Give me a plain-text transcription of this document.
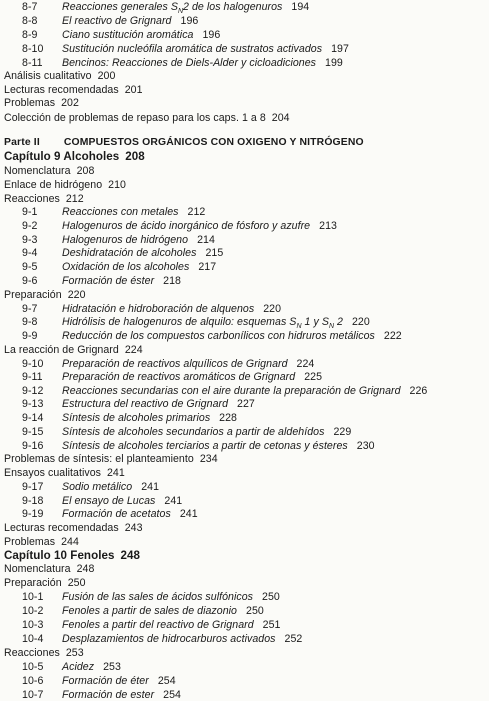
8-7 Reacciones generales $S_N2$ de los halogenuros 194
8-8 El reactivo de Grignard 196
8-9 Ciano sustitución aromática 196
8-10 Sustitución nucleófila aromática de sustratos activados 197
8-11 Bencinos: Reacciones de Diels-Alder y cicloadiciones 199
Análisis cualitativo 200
Lecturas recomendadas 201
Problemas 202
Colección de problemas de repaso para los caps. 1 a 8 204
Parte II COMPUESTOS ORGÁNICOS CON OXIGENO Y NITRÓGENO
Capítulo 9 Alcoholes 208
Nomenclatura 208
Enlace de hidrógeno 210
Reacciones 212
9-1 Reacciones con metales 212
9-2 Halogenuros de ácido inorgánico de fósforo y azufre 213
9-3 Halogenuros de hidrógeno 214
9-4 Deshidratación de alcoholes 215
9-5 Oxidación de los alcoholes 217
9-6 Formación de éster 218
Preparación 220
9-7 Hidratación e hidroboración de alquenos 220
9-8 Hidrólisis de halogenuros de alquilo: esquemas $S_N$ 1 y $S_N$ 2 220
9-9 Reducción de los compuestos carbonílicos con hidruros metálicos 222
La reacción de Grignard 224
9-10 Preparación de reactivos alquílicos de Grignard 224
9-11 Preparación de reactivos aromáticos de Grignard 225
9-12 Reacciones secundarias con el aire durante la preparación de Grignard 226
9-13 Estructura del reactivo de Grignard 227
9-14 Síntesis de alcoholes primarios 228
9-15 Síntesis de alcoholes secundarios a partir de aldehídos 229
9-16 Síntesis de alcoholes terciarios a partir de cetonas y ésteres 230
Problemas de síntesis: el planteamiento 234
Ensayos cualitativos 241
9-17 Sodio metálico 241
9-18 El ensayo de Lucas 241
9-19 Formación de acetatos 241
Lecturas recomendadas 243
Problemas 244
Capítulo 10 Fenoles 248
Nomenclatura 248
Preparación 250
10-1 Fusión de las sales de ácidos sulfónicos 250
10-2 Fenoles a partir de sales de diazonio 250
10-3 Fenoles a partir del reactivo de Grignard 251
10-4 Desplazamientos de hidrocarburos activados 252
Reacciones 253
10-5 Acidez 253
10-6 Formación de éter 254
10-7 Formación de ester 254
